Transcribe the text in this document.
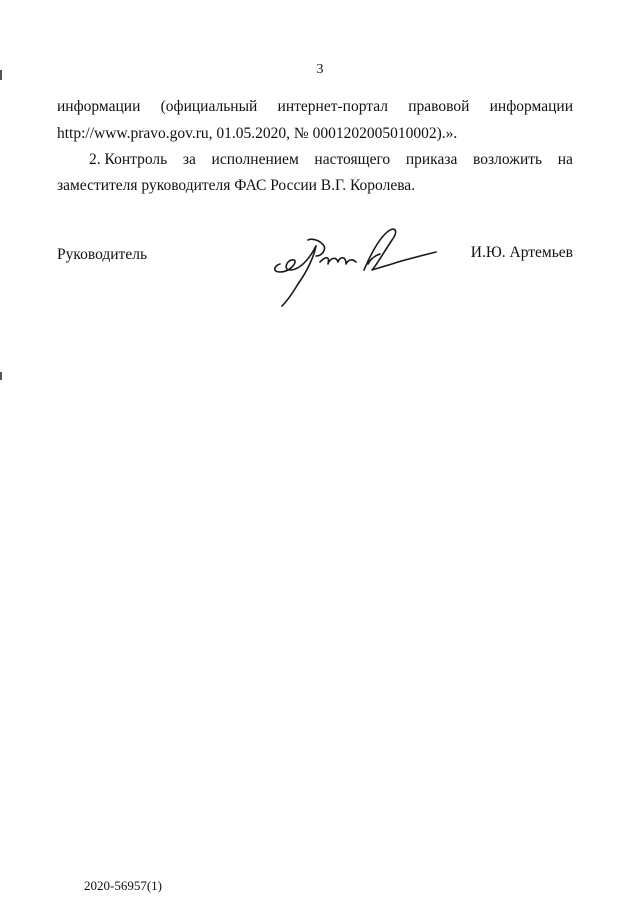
3
информации (официальный интернет-портал правовой информации
http://www.pravo.gov.ru, 01.05.2020, № 0001202005010002).».
2. Контроль за исполнением настоящего приказа возложить на
заместителя руководителя ФАС России В.Г. Королева.
Руководитель	И.Ю. Артемьев
2020-56957(1)
